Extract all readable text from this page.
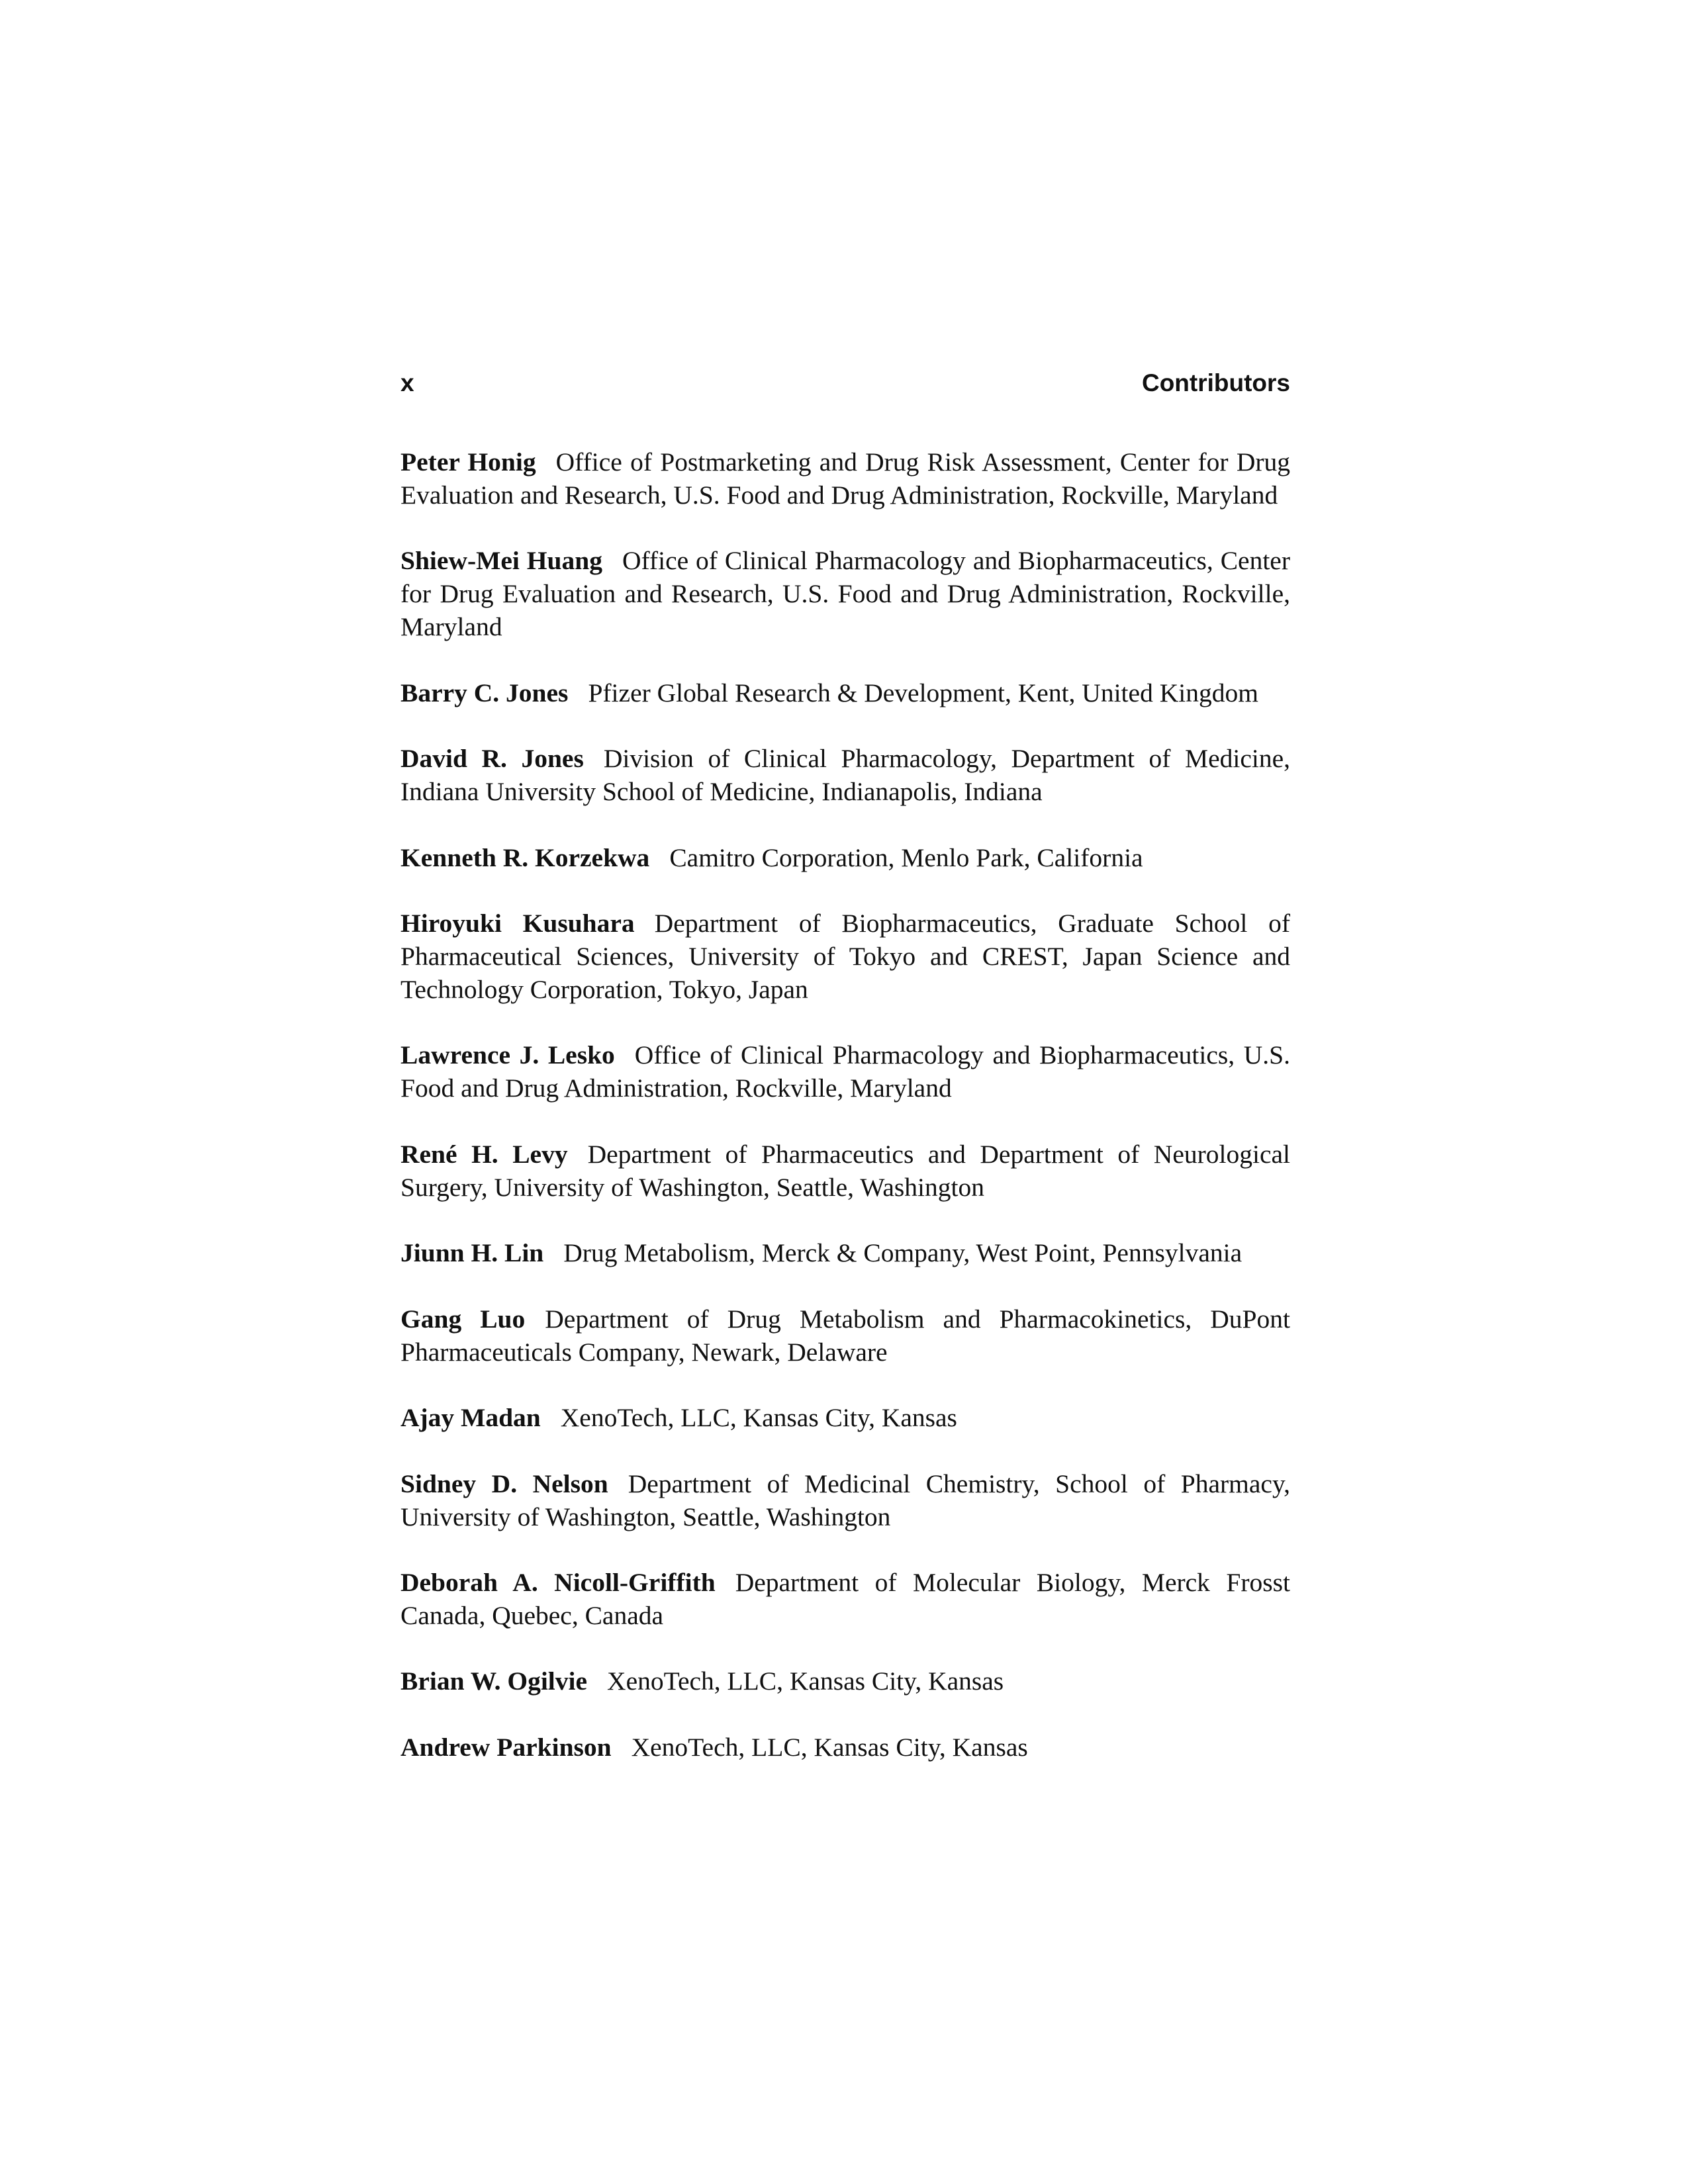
x	Contributors

Peter Honig Office of Postmarketing and Drug Risk Assessment, Center for Drug Evaluation and Research, U.S. Food and Drug Administration, Rockville, Maryland

Shiew-Mei Huang Office of Clinical Pharmacology and Biopharmaceutics, Center for Drug Evaluation and Research, U.S. Food and Drug Administration, Rockville, Maryland

Barry C. Jones Pfizer Global Research & Development, Kent, United Kingdom

David R. Jones Division of Clinical Pharmacology, Department of Medicine, Indiana University School of Medicine, Indianapolis, Indiana

Kenneth R. Korzekwa Camitro Corporation, Menlo Park, California

Hiroyuki Kusuhara Department of Biopharmaceutics, Graduate School of Pharmaceutical Sciences, University of Tokyo and CREST, Japan Science and Technology Corporation, Tokyo, Japan

Lawrence J. Lesko Office of Clinical Pharmacology and Biopharmaceutics, U.S. Food and Drug Administration, Rockville, Maryland

René H. Levy Department of Pharmaceutics and Department of Neurological Surgery, University of Washington, Seattle, Washington

Jiunn H. Lin Drug Metabolism, Merck & Company, West Point, Pennsylvania

Gang Luo Department of Drug Metabolism and Pharmacokinetics, DuPont Pharmaceuticals Company, Newark, Delaware

Ajay Madan XenoTech, LLC, Kansas City, Kansas

Sidney D. Nelson Department of Medicinal Chemistry, School of Pharmacy, University of Washington, Seattle, Washington

Deborah A. Nicoll-Griffith Department of Molecular Biology, Merck Frosst Canada, Quebec, Canada

Brian W. Ogilvie XenoTech, LLC, Kansas City, Kansas

Andrew Parkinson XenoTech, LLC, Kansas City, Kansas
